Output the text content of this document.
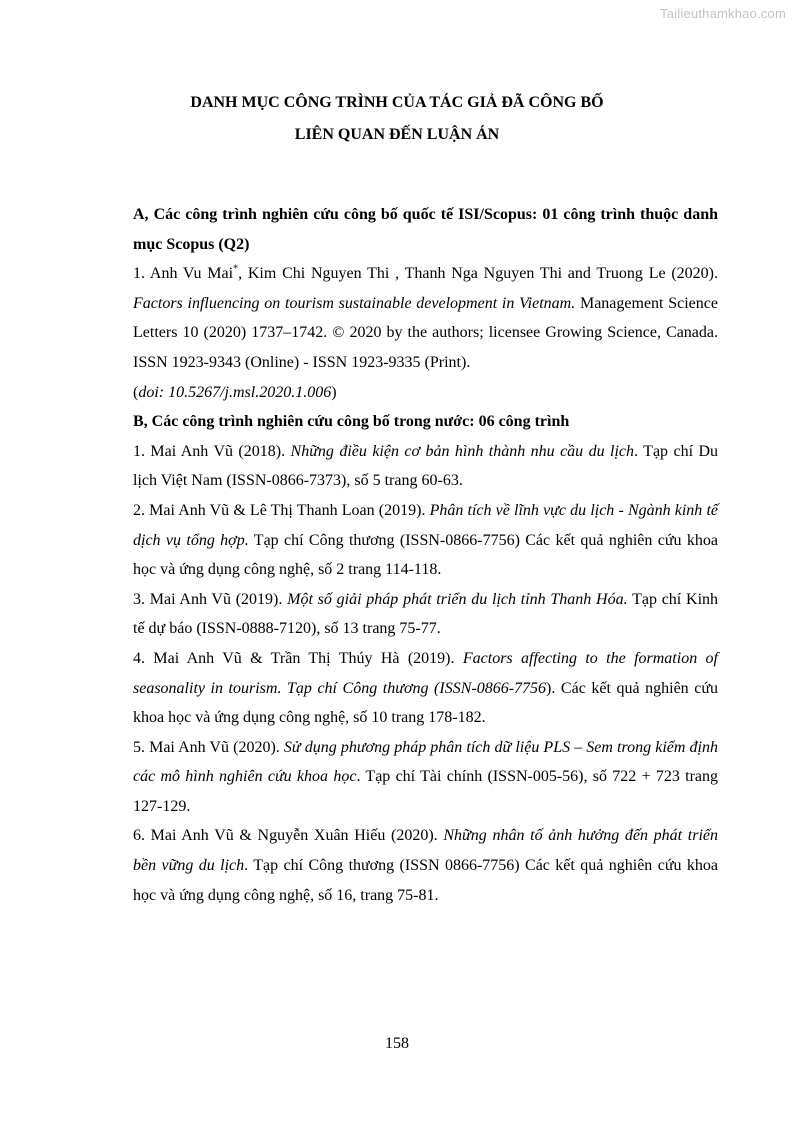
Tailieuthamkhao.com
DANH MỤC CÔNG TRÌNH CỦA TÁC GIẢ ĐÃ CÔNG BỐ
LIÊN QUAN ĐẾN LUẬN ÁN

A, Các công trình nghiên cứu công bố quốc tế ISI/Scopus: 01 công trình thuộc danh mục Scopus (Q2)

1. Anh Vu Mai*, Kim Chi Nguyen Thi , Thanh Nga Nguyen Thi and Truong Le (2020). Factors influencing on tourism sustainable development in Vietnam. Management Science Letters 10 (2020) 1737–1742. © 2020 by the authors; licensee Growing Science, Canada. ISSN 1923-9343 (Online) - ISSN 1923-9335 (Print).
(doi: 10.5267/j.msl.2020.1.006)

B, Các công trình nghiên cứu công bố trong nước: 06 công trình

1. Mai Anh Vũ (2018). Những điều kiện cơ bản hình thành nhu cầu du lịch. Tạp chí Du lịch Việt Nam (ISSN-0866-7373), số 5 trang 60-63.

2. Mai Anh Vũ & Lê Thị Thanh Loan (2019). Phân tích về lĩnh vực du lịch - Ngành kinh tế dịch vụ tổng hợp. Tạp chí Công thương (ISSN-0866-7756) Các kết quả nghiên cứu khoa học và ứng dụng công nghệ, số 2 trang 114-118.

3. Mai Anh Vũ (2019). Một số giải pháp phát triển du lịch tỉnh Thanh Hóa. Tạp chí Kinh tế dự báo (ISSN-0888-7120), số 13 trang 75-77.

4. Mai Anh Vũ & Trần Thị Thúy Hà (2019). Factors affecting to the formation of seasonality in tourism. Tạp chí Công thương (ISSN-0866-7756). Các kết quả nghiên cứu khoa học và ứng dụng công nghệ, số 10 trang 178-182.

5. Mai Anh Vũ (2020). Sử dụng phương pháp phân tích dữ liệu PLS – Sem trong kiểm định các mô hình nghiên cứu khoa học. Tạp chí Tài chính (ISSN-005-56), số 722 + 723 trang 127-129.

6. Mai Anh Vũ & Nguyễn Xuân Hiếu (2020). Những nhân tố ảnh hưởng đến phát triển bền vững du lịch. Tạp chí Công thương (ISSN 0866-7756) Các kết quả nghiên cứu khoa học và ứng dụng công nghệ, số 16, trang 75-81.

158
